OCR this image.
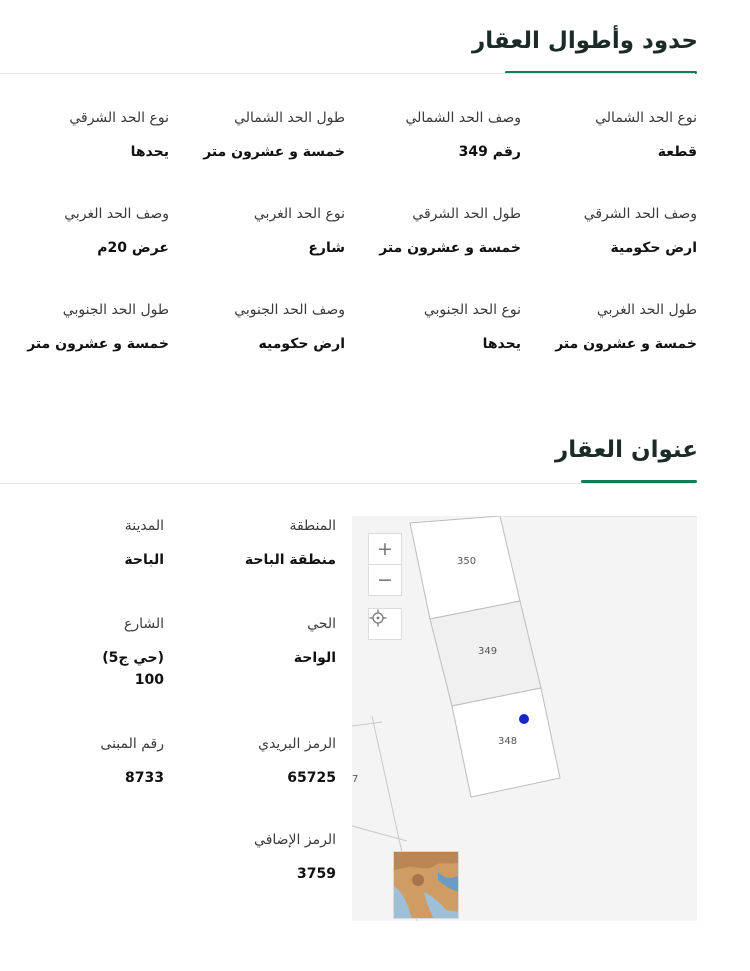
حدود وأطوال العقار
نوع الحد الشمالي
قطعة
وصف الحد الشمالي
رقم 349
طول الحد الشمالي
خمسة و عشرون متر
نوع الحد الشرقي
يحدها
وصف الحد الشرقي
ارض حكومية
طول الحد الشرقي
خمسة و عشرون متر
نوع الحد الغربي
شارع
وصف الحد الغربي
عرض 20م
طول الحد الغربي
خمسة و عشرون متر
نوع الحد الجنوبي
يحدها
وصف الحد الجنوبي
ارض حكوميه
طول الحد الجنوبي
خمسة و عشرون متر
عنوان العقار
المنطقة
منطقة الباحة
المدينة
الباحة
الحي
الواحة
الشارع
(حي ج5)
100
الرمز البريدي
65725
رقم المبنى
8733
الرمز الإضافي
3759
350
349
348
7
+
−
